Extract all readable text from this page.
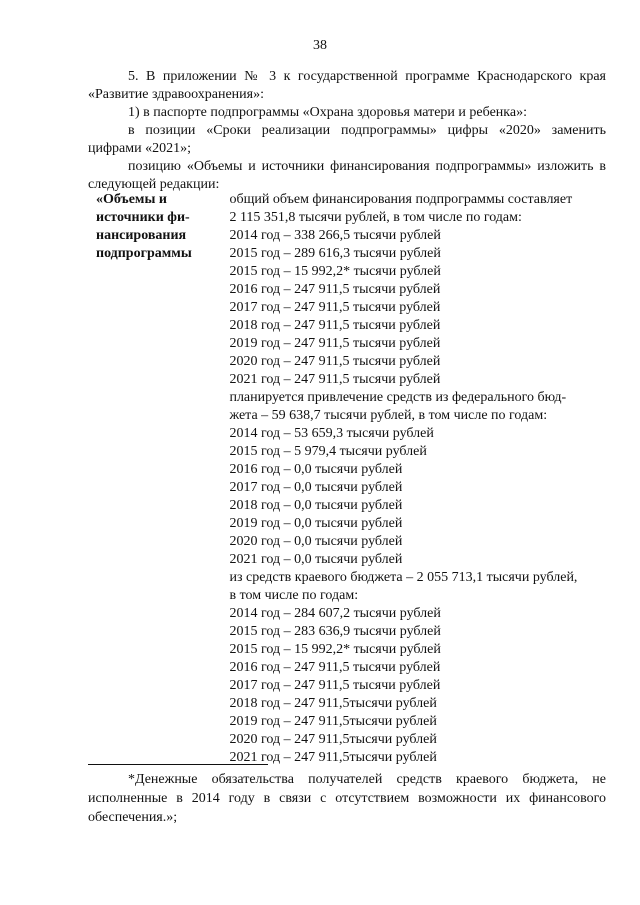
38
5. В приложении № 3 к государственной программе Краснодарского края «Развитие здравоохранения»:
1) в паспорте подпрограммы «Охрана здоровья матери и ребенка»:
в позиции «Сроки реализации подпрограммы» цифры «2020» заменить цифрами «2021»;
позицию «Объемы и источники финансирования подпрограммы» изложить в следующей редакции:
«Объемы и
источники фи-
нансирования
подпрограммы
общий объем финансирования подпрограммы составляет
2 115 351,8 тысячи рублей, в том числе по годам:
2014 год – 338 266,5 тысячи рублей
2015 год – 289 616,3 тысячи рублей
2015 год – 15 992,2* тысячи рублей
2016 год – 247 911,5 тысячи рублей
2017 год – 247 911,5 тысячи рублей
2018 год – 247 911,5 тысячи рублей
2019 год – 247 911,5 тысячи рублей
2020 год – 247 911,5 тысячи рублей
2021 год – 247 911,5 тысячи рублей
планируется привлечение средств из федерального бюд-
жета – 59 638,7 тысячи рублей, в том числе по годам:
2014 год – 53 659,3 тысячи рублей
2015 год – 5 979,4 тысячи рублей
2016 год – 0,0 тысячи рублей
2017 год – 0,0 тысячи рублей
2018 год – 0,0 тысячи рублей
2019 год – 0,0 тысячи рублей
2020 год – 0,0 тысячи рублей
2021 год – 0,0 тысячи рублей
из средств краевого бюджета – 2 055 713,1 тысячи рублей,
в том числе по годам:
2014 год – 284 607,2 тысячи рублей
2015 год – 283 636,9 тысячи рублей
2015 год – 15 992,2* тысячи рублей
2016 год – 247 911,5 тысячи рублей
2017 год – 247 911,5 тысячи рублей
2018 год – 247 911,5тысячи рублей
2019 год – 247 911,5тысячи рублей
2020 год – 247 911,5тысячи рублей
2021 год – 247 911,5тысячи рублей
*Денежные обязательства получателей средств краевого бюджета, не исполненные в 2014 году в связи с отсутствием возможности их финансового обеспечения.»;
